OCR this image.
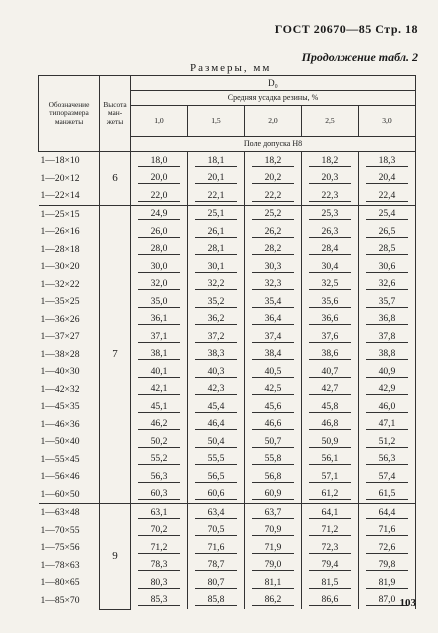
ГОСТ 20670—85 Стр. 18
Продолжение табл. 2
Размеры, мм
Обозначение типоразмера манжеты	Высота ман-жеты	D₀				
		Средняя усадка резины, %				
		1,0	1,5	2,0	2,5	3,0
		Поле допуска H8				
1—18×10	6	18,0	18,1	18,2	18,2	18,3
1—20×12		20,0	20,1	20,2	20,3	20,4
1—22×14		22,0	22,1	22,2	22,3	22,4
1—25×15	7	24,9	25,1	25,2	25,3	25,4
1—26×16		26,0	26,1	26,2	26,3	26,5
1—28×18		28,0	28,1	28,2	28,4	28,5
1—30×20		30,0	30,1	30,3	30,4	30,6
1—32×22		32,0	32,2	32,3	32,5	32,6
1—35×25		35,0	35,2	35,4	35,6	35,7
1—36×26		36,1	36,2	36,4	36,6	36,8
1—37×27		37,1	37,2	37,4	37,6	37,8
1—38×28		38,1	38,3	38,4	38,6	38,8
1—40×30		40,1	40,3	40,5	40,7	40,9
1—42×32		42,1	42,3	42,5	42,7	42,9
1—45×35		45,1	45,4	45,6	45,8	46,0
1—46×36		46,2	46,4	46,6	46,8	47,1
1—50×40		50,2	50,4	50,7	50,9	51,2
1—55×45		55,2	55,5	55,8	56,1	56,3
1—56×46		56,3	56,5	56,8	57,1	57,4
1—60×50		60,3	60,6	60,9	61,2	61,5
1—63×48	9	63,1	63,4	63,7	64,1	64,4
1—70×55		70,2	70,5	70,9	71,2	71,6
1—75×56		71,2	71,6	71,9	72,3	72,6
1—78×63		78,3	78,7	79,0	79,4	79,8
1—80×65		80,3	80,7	81,1	81,5	81,9
1—85×70		85,3	85,8	86,2	86,6	87,0 103
